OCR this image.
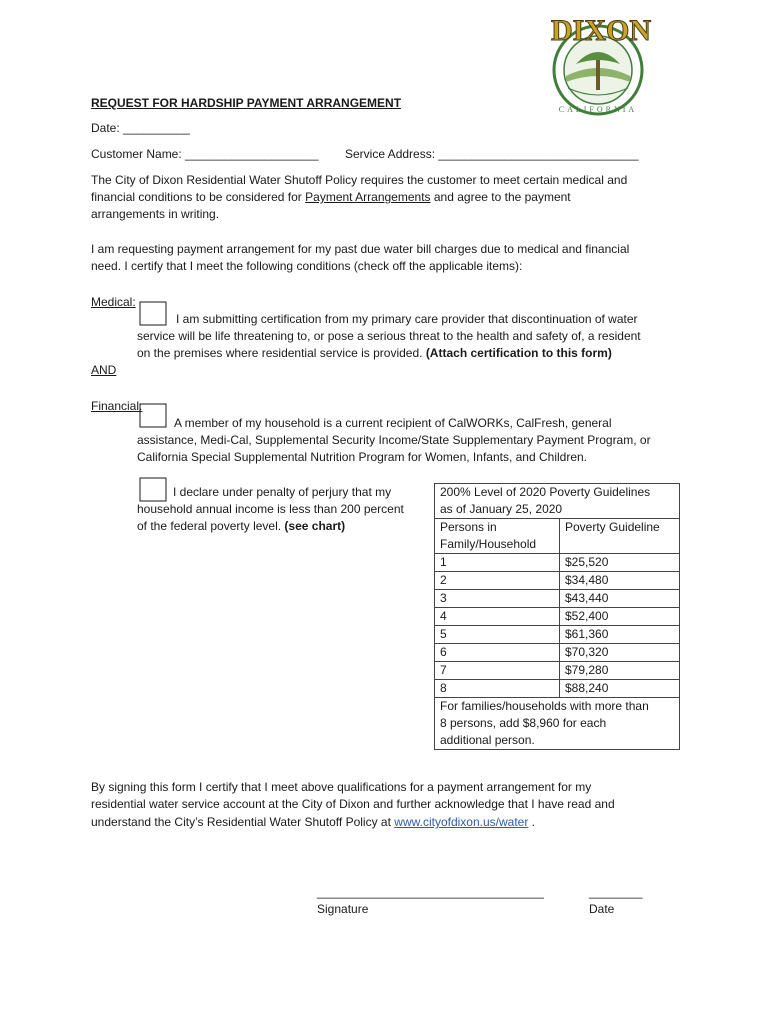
CALIFORNIA
DIXON
REQUEST FOR HARDSHIP PAYMENT ARRANGEMENT
Date: __________
Customer Name: ____________________ Service Address: ______________________________
The City of Dixon Residential Water Shutoff Policy requires the customer to meet certain medical and
financial conditions to be considered for Payment Arrangements and agree to the payment
arrangements in writing.
I am requesting payment arrangement for my past due water bill charges due to medical and financial
need. I certify that I meet the following conditions (check off the applicable items):
Medical:
I am submitting certification from my primary care provider that discontinuation of water
service will be life threatening to, or pose a serious threat to the health and safety of, a resident
on the premises where residential service is provided. (Attach certification to this form)
AND
Financial:
A member of my household is a current recipient of CalWORKs, CalFresh, general
assistance, Medi-Cal, Supplemental Security Income/State Supplementary Payment Program, or
California Special Supplemental Nutrition Program for Women, Infants, and Children.
I declare under penalty of perjury that my
household annual income is less than 200 percent
of the federal poverty level. (see chart)
200% Level of 2020 Poverty Guidelines
as of January 25, 2020	
Persons in
Family/Household	Poverty Guideline
1	$25,520
2	$34,480
3	$43,440
4	$52,400
5	$61,360
6	$70,320
7	$79,280
8	$88,240
For families/households with more than
8 persons, add $8,960 for each
additional person.	
By signing this form I certify that I meet above qualifications for a payment arrangement for my
residential water service account at the City of Dixon and further acknowledge that I have read and
understand the City’s Residential Water Shutoff Policy at www.cityofdixon.us/water .
__________________________________
Signature
________
Date
